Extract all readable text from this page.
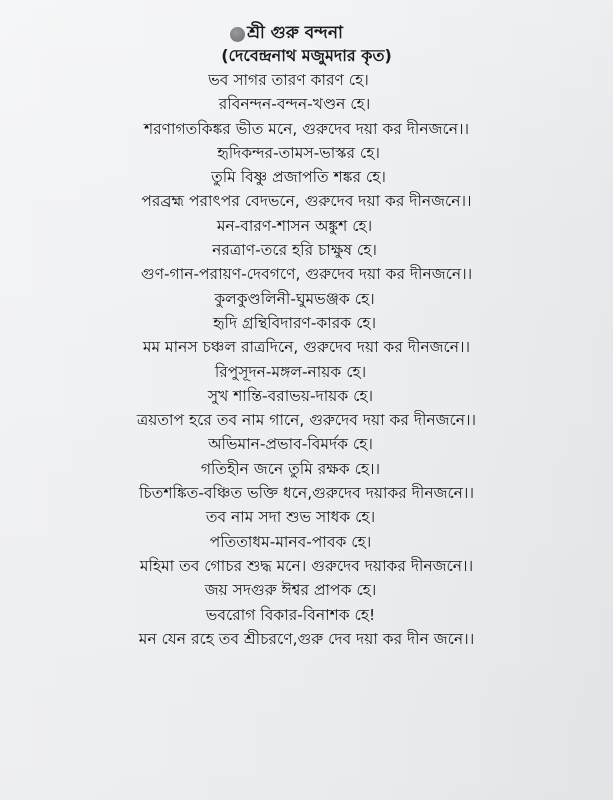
শ্রী গুরু বন্দনা
(দেবেন্দ্রনাথ মজুমদার কৃত)
ভব সাগর তারণ কারণ হে।
রবিনন্দন-বন্দন-খণ্ডন হে।
শরণাগতকিঙ্কর ভীত মনে, গুরুদেব দয়া কর দীনজনে।।
হৃদিকন্দর-তামস-ভাস্কর হে।
তুমি বিষ্ণু প্রজাপতি শঙ্কর হে।
পরব্রহ্ম পরাৎপর বেদভনে, গুরুদেব দয়া কর দীনজনে।।
মন-বারণ-শাসন অঙ্কুশ হে।
নরত্রাণ-তরে হরি চাক্ষুষ হে।
গুণ-গান-পরায়ণ-দেবগণে, গুরুদেব দয়া কর দীনজনে।।
কুলকুণ্ডলিনী-ঘুমভঞ্জক হে।
হৃদি গ্রন্থিবিদারণ-কারক হে।
মম মানস চঞ্চল রাত্রদিনে, গুরুদেব দয়া কর দীনজনে।।
রিপুসূদন-মঙ্গল-নায়ক হে।
সুখ শান্তি-বরাভয়-দায়ক হে।
ত্রয়তাপ হরে তব নাম গানে, গুরুদেব দয়া কর দীনজনে।।
অভিমান-প্রভাব-বিমর্দক হে।
গতিহীন জনে তুমি রক্ষক হে।।
চিতশঙ্কিত-বঞ্চিত ভক্তি ধনে,গুরুদেব দয়াকর দীনজনে।।
তব নাম সদা শুভ সাধক হে।
পতিতাধম-মানব-পাবক হে।
মহিমা তব গোচর শুদ্ধ মনে। গুরুদেব দয়াকর দীনজনে।।
জয় সদগুরু ঈশ্বর প্রাপক হে।
ভবরোগ বিকার-বিনাশক হে!
মন যেন রহে তব শ্রীচরণে,গুরু দেব দয়া কর দীন জনে।।
